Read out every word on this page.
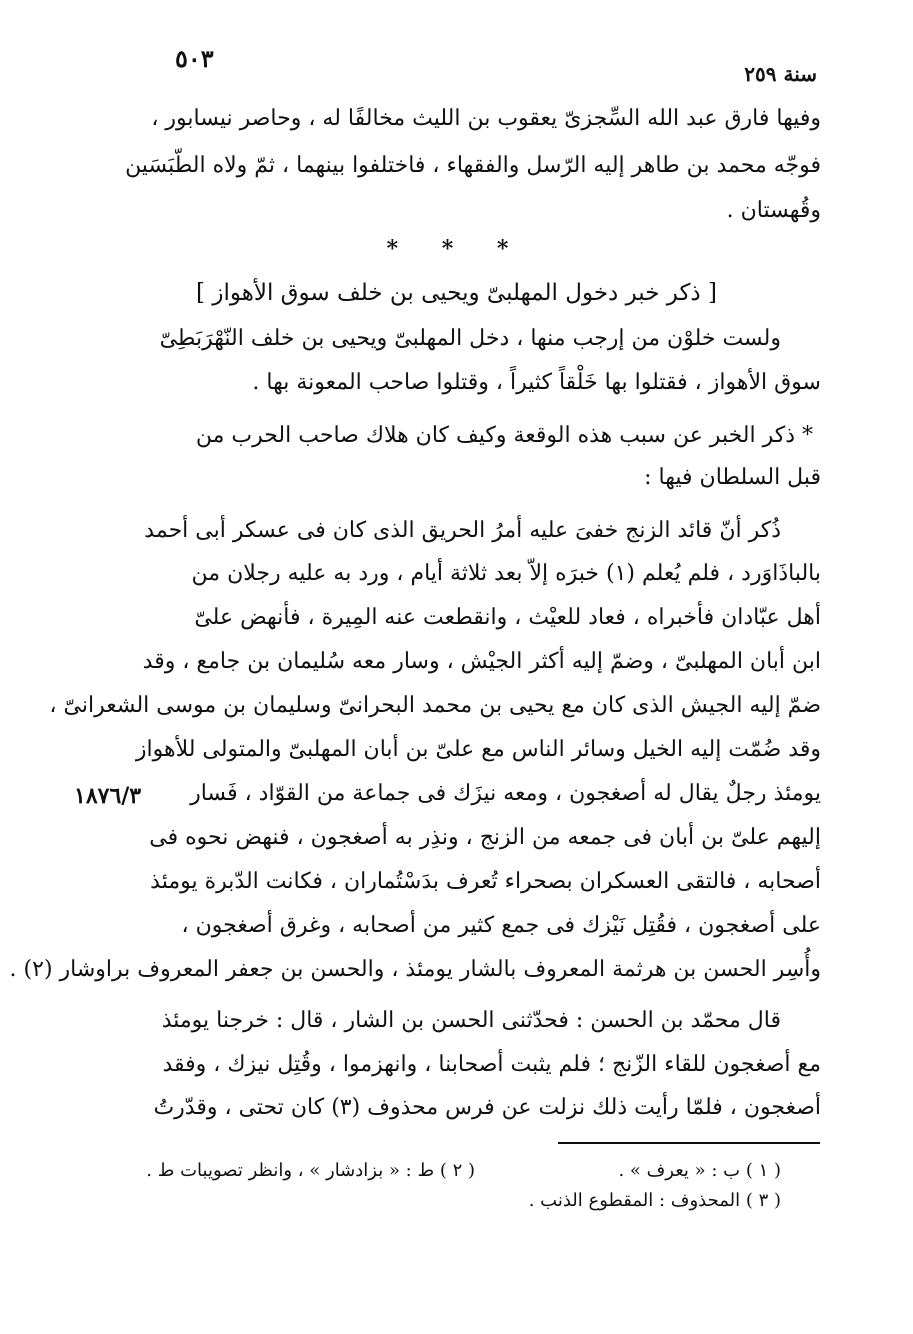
٥٠٣
سنة ٢٥٩
وفيها فارق عبد الله السِّجزىّ يعقوب بن الليث مخالفًا له ، وحاصر نيسابور ،
فوجّه محمد بن طاهر إليه الرّسل والفقهاء ، فاختلفوا بينهما ، ثمّ ولاه الطّبَسَين
وقُهستان .
* * *
[ ذكر خبر دخول المهلبىّ ويحيى بن خلف سوق الأهواز ]
ولست خلوْن من إرجب منها ، دخل المهلبىّ ويحيى بن خلف النّهْرَبَطِىّ
سوق الأهواز ، فقتلوا بها خَلْقاً كثيراً ، وقتلوا صاحب المعونة بها .
* ذكر الخبر عن سبب هذه الوقعة وكيف كان هلاك صاحب الحرب من
قبل السلطان فيها :
ذُكر أنّ قائد الزنج خفىَ عليه أمرُ الحريق الذى كان فى عسكر أبى أحمد
بالباذَاوَرد ، فلم يُعلم (١) خبرَه إلاّ بعد ثلاثة أيام ، ورد به عليه رجلان من
أهل عبّادان فأخبراه ، فعاد للعيْث ، وانقطعت عنه المِيرة ، فأنهض علىّ
ابن أبان المهلبىّ ، وضمّ إليه أكثر الجيْش ، وسار معه سُليمان بن جامع ، وقد
ضمّ إليه الجيش الذى كان مع يحيى بن محمد البحرانىّ وسليمان بن موسى الشعرانىّ ،
وقد ضُمّت إليه الخيل وسائر الناس مع علىّ بن أبان المهلبىّ والمتولى للأهواز
يومئذ رجلٌ يقال له أصغجون ، ومعه نيزَك فى جماعة من القوّاد ، فَسار
إليهم علىّ بن أبان فى جمعه من الزنج ، ونذِر به أصغجون ، فنهض نحوه فى
أصحابه ، فالتقى العسكران بصحراء تُعرف بدَسْتُماران ، فكانت الدّبرة يومئذ
على أصغجون ، فقُتِل نَيْزك فى جمع كثير من أصحابه ، وغرق أصغجون ،
وأُسِر الحسن بن هرثمة المعروف بالشار يومئذ ، والحسن بن جعفر المعروف براوشار (٢) .
١٨٧٦/٣
قال محمّد بن الحسن : فحدّثنى الحسن بن الشار ، قال : خرجنا يومئذ
مع أصغجون للقاء الزّنج ؛ فلم يثبت أصحابنا ، وانهزموا ، وقُتِل نيزك ، وفقد
أصغجون ، فلمّا رأيت ذلك نزلت عن فرس محذوف (٣) كان تحتى ، وقدّرتُ
( ١ ) ب : « يعرف » .
( ٢ ) ط : « بزادشار » ، وانظر تصويبات ط .
( ٣ ) المحذوف : المقطوع الذنب .
